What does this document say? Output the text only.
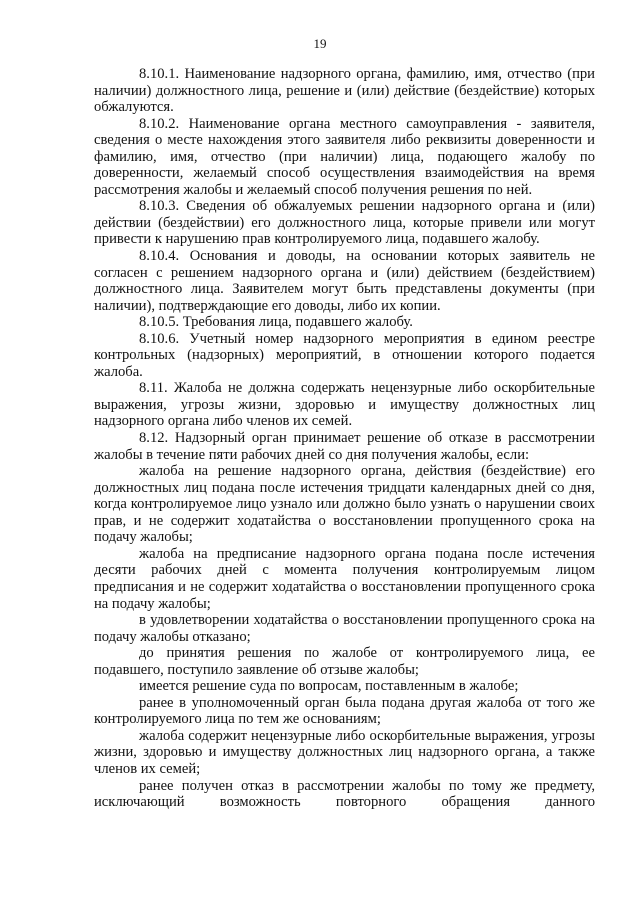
19

8.10.1. Наименование надзорного органа, фамилию, имя, отчество (при наличии) должностного лица, решение и (или) действие (бездействие) которых обжалуются.

8.10.2. Наименование органа местного самоуправления - заявителя, сведения о месте нахождения этого заявителя либо реквизиты доверенности и фамилию, имя, отчество (при наличии) лица, подающего жалобу по доверенности, желаемый способ осуществления взаимодействия на время рассмотрения жалобы и желаемый способ получения решения по ней.

8.10.3. Сведения об обжалуемых решении надзорного органа и (или) действии (бездействии) его должностного лица, которые привели или могут привести к нарушению прав контролируемого лица, подавшего жалобу.

8.10.4. Основания и доводы, на основании которых заявитель не согласен с решением надзорного органа и (или) действием (бездействием) должностного лица. Заявителем могут быть представлены документы (при наличии), подтверждающие его доводы, либо их копии.

8.10.5. Требования лица, подавшего жалобу.

8.10.6. Учетный номер надзорного мероприятия в едином реестре контрольных (надзорных) мероприятий, в отношении которого подается жалоба.

8.11. Жалоба не должна содержать нецензурные либо оскорбительные выражения, угрозы жизни, здоровью и имуществу должностных лиц надзорного органа либо членов их семей.

8.12. Надзорный орган принимает решение об отказе в рассмотрении жалобы в течение пяти рабочих дней со дня получения жалобы, если:

жалоба на решение надзорного органа, действия (бездействие) его должностных лиц подана после истечения тридцати календарных дней со дня, когда контролируемое лицо узнало или должно было узнать о нарушении своих прав, и не содержит ходатайства о восстановлении пропущенного срока на подачу жалобы;

жалоба на предписание надзорного органа подана после истечения десяти рабочих дней с момента получения контролируемым лицом предписания и не содержит ходатайства о восстановлении пропущенного срока на подачу жалобы;

в удовлетворении ходатайства о восстановлении пропущенного срока на подачу жалобы отказано;

до принятия решения по жалобе от контролируемого лица, ее подавшего, поступило заявление об отзыве жалобы;

имеется решение суда по вопросам, поставленным в жалобе;

ранее в уполномоченный орган была подана другая жалоба от того же контролируемого лица по тем же основаниям;

жалоба содержит нецензурные либо оскорбительные выражения, угрозы жизни, здоровью и имуществу должностных лиц надзорного органа, а также членов их семей;

ранее получен отказ в рассмотрении жалобы по тому же предмету, исключающий возможность повторного обращения данного
